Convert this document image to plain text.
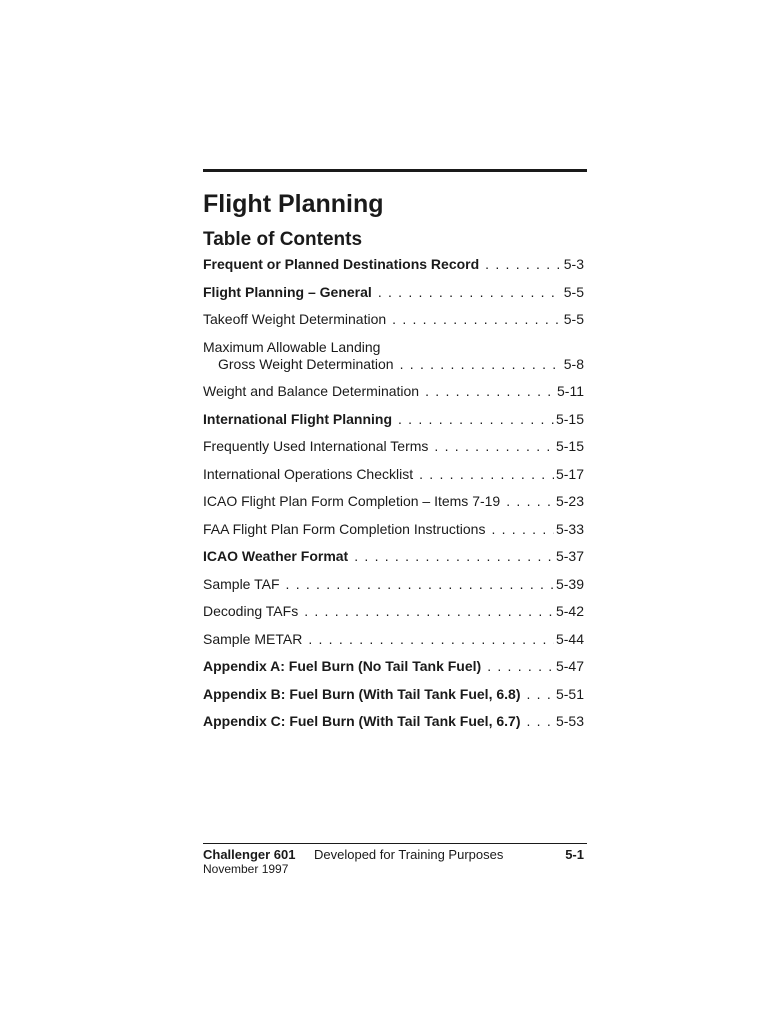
Flight Planning
Table of Contents
Frequent or Planned Destinations Record . . .	5-3
Flight Planning – General . . .	5-5
Takeoff Weight Determination . . .	5-5
Maximum Allowable Landing
Gross Weight Determination . . .	5-8
Weight and Balance Determination . . .	5-11
International Flight Planning . . .	5-15
Frequently Used International Terms . . .	5-15
International Operations Checklist . . .	5-17
ICAO Flight Plan Form Completion – Items 7-19 . . .	5-23
FAA Flight Plan Form Completion Instructions . . .	5-33
ICAO Weather Format . . .	5-37
Sample TAF . . .	5-39
Decoding TAFs . . .	5-42
Sample METAR . . .	5-44
Appendix A: Fuel Burn (No Tail Tank Fuel) . . .	5-47
Appendix B: Fuel Burn (With Tail Tank Fuel, 6.8) . . .	5-51
Appendix C: Fuel Burn (With Tail Tank Fuel, 6.7) . . .	5-53
Challenger 601
November 1997
Developed for Training Purposes	5-1
